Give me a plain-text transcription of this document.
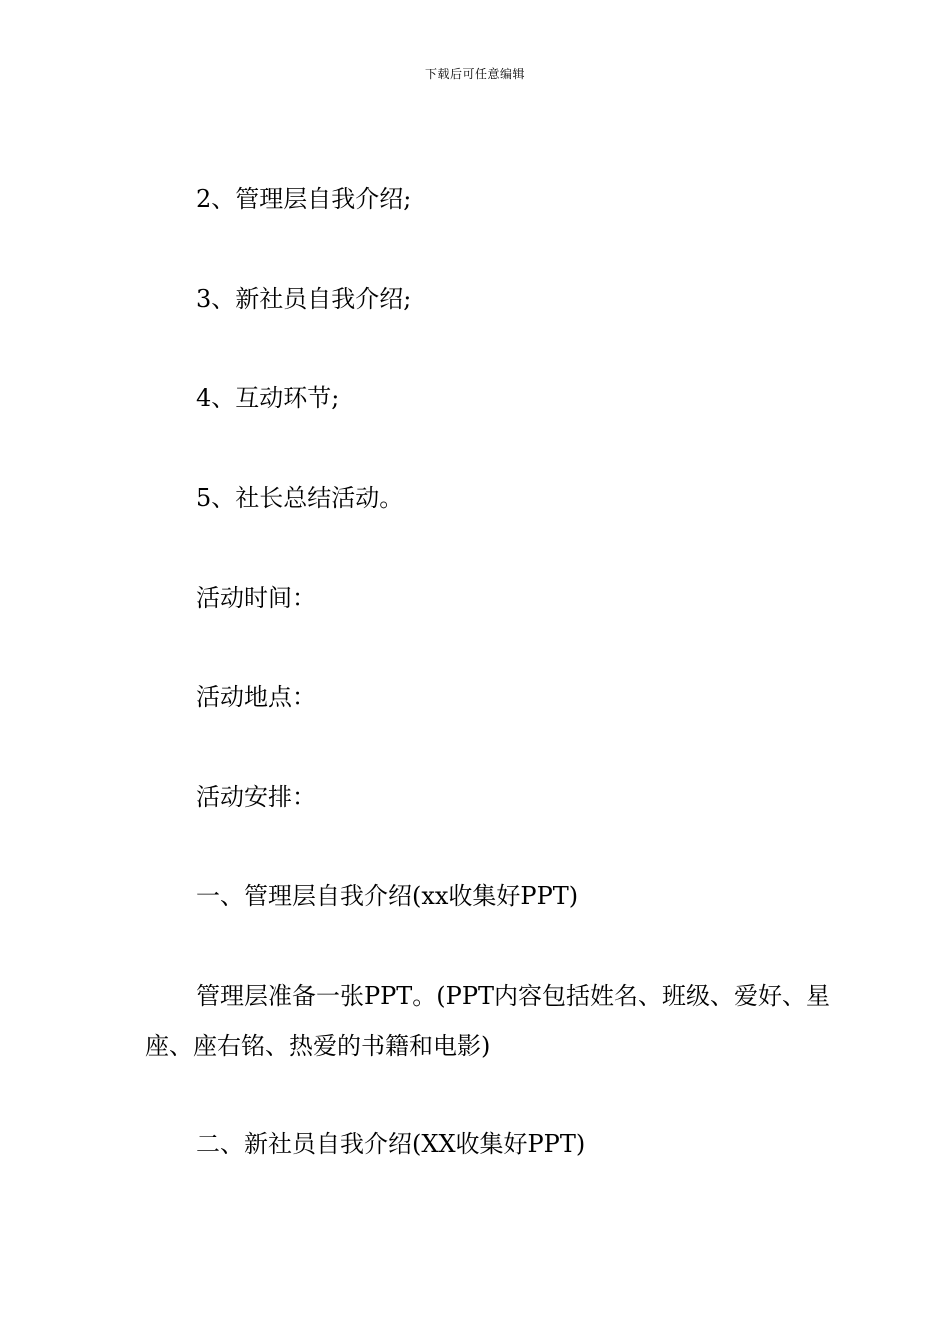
下载后可任意编辑
2、管理层自我介绍;
3、新社员自我介绍;
4、互动环节;
5、社长总结活动。
活动时间：
活动地点：
活动安排：
一、管理层自我介绍(xx收集好PPT)
管理层准备一张PPT。(PPT内容包括姓名、班级、爱好、星座、座右铭、热爱的书籍和电影)
二、新社员自我介绍(XX收集好PPT)
